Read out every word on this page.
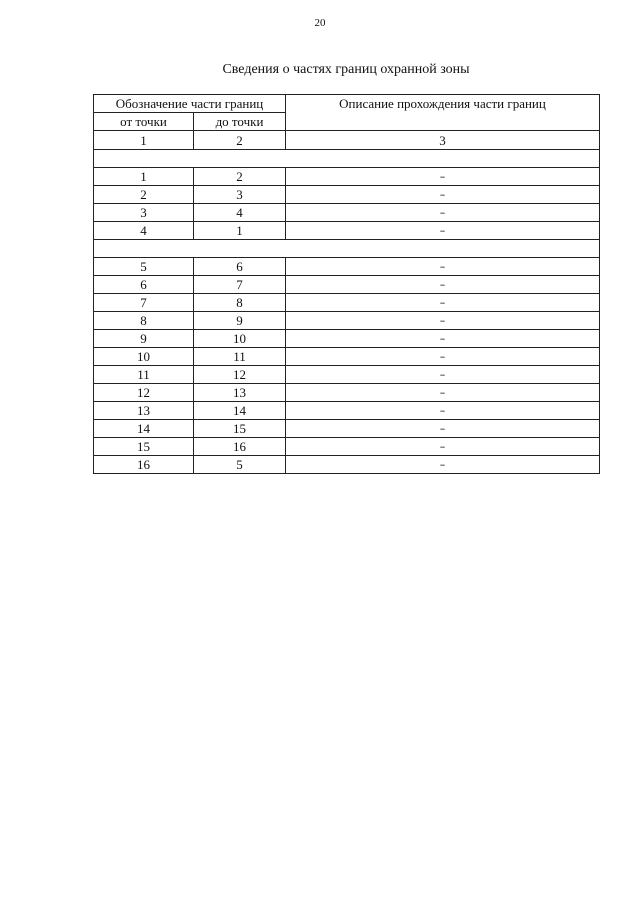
20
Сведения о частях границ охранной зоны
Обозначение части границ		Описание прохождения части границ
от точки	до точки	
1	2	3

1	2	–
2	3	–
3	4	–
4	1	–

5	6	–
6	7	–
7	8	–
8	9	–
9	10	–
10	11	–
11	12	–
12	13	–
13	14	–
14	15	–
15	16	–
16	5	–
